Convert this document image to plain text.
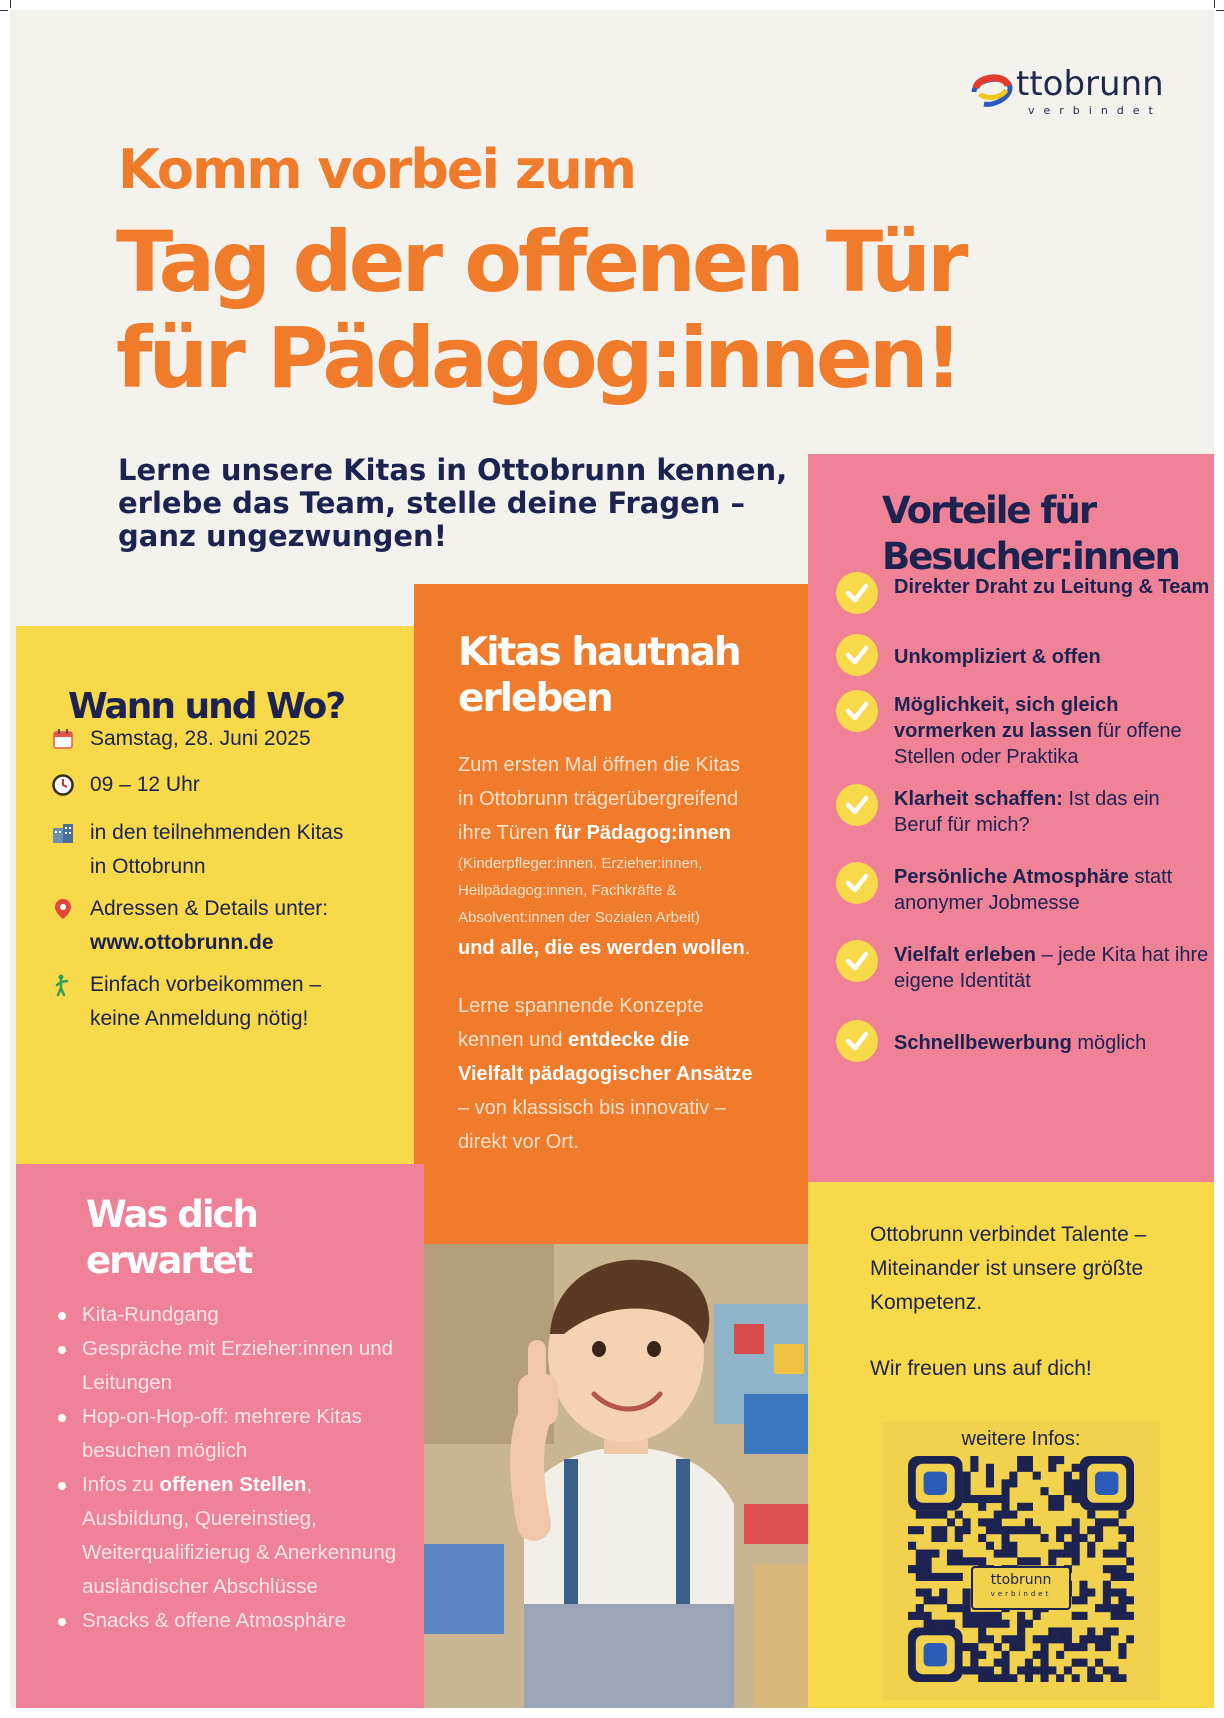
ttobrunn
verbindet
Komm vorbei zum
Tag der offenen Tür
für Pädagog:innen!
Lerne unsere Kitas in Ottobrunn kennen,
erlebe das Team, stelle deine Fragen –
ganz ungezwungen!
Wann und Wo?
Samstag, 28. Juni 2025
09 – 12 Uhr
in den teilnehmenden Kitas
in Ottobrunn
Adressen & Details unter:
www.ottobrunn.de
Einfach vorbeikommen –
keine Anmeldung nötig!
Kitas hautnah
erleben
Zum ersten Mal öffnen die Kitas
in Ottobrunn trägerübergreifend
ihre Türen für Pädagog:innen
(Kinderpfleger:innen, Erzieher:innen,
Heilpädagog:innen, Fachkräfte &
Absolvent:innen der Sozialen Arbeit)
und alle, die es werden wollen.
Lerne spannende Konzepte
kennen und entdecke die
Vielfalt pädagogischer Ansätze
– von klassisch bis innovativ –
direkt vor Ort.
Was dich
erwartet
Kita-Rundgang
Gespräche mit Erzieher:innen und Leitungen
Hop-on-Hop-off: mehrere Kitas besuchen möglich
Infos zu offenen Stellen, Ausbildung, Quereinstieg, Weiterqualifizierug & Anerkennung ausländischer Abschlüsse
Snacks & offene Atmosphäre
Vorteile für
Besucher:innen
Direkter Draht zu Leitung & Team
Unkompliziert & offen
Möglichkeit, sich gleich vormerken zu lassen für offene Stellen oder Praktika
Klarheit schaffen: Ist das ein Beruf für mich?
Persönliche Atmosphäre statt anonymer Jobmesse
Vielfalt erleben – jede Kita hat ihre eigene Identität
Schnellbewerbung möglich
Ottobrunn verbindet Talente –
Miteinander ist unsere größte
Kompetenz.
Wir freuen uns auf dich!
weitere Infos:
ttobrunn
verbindet
